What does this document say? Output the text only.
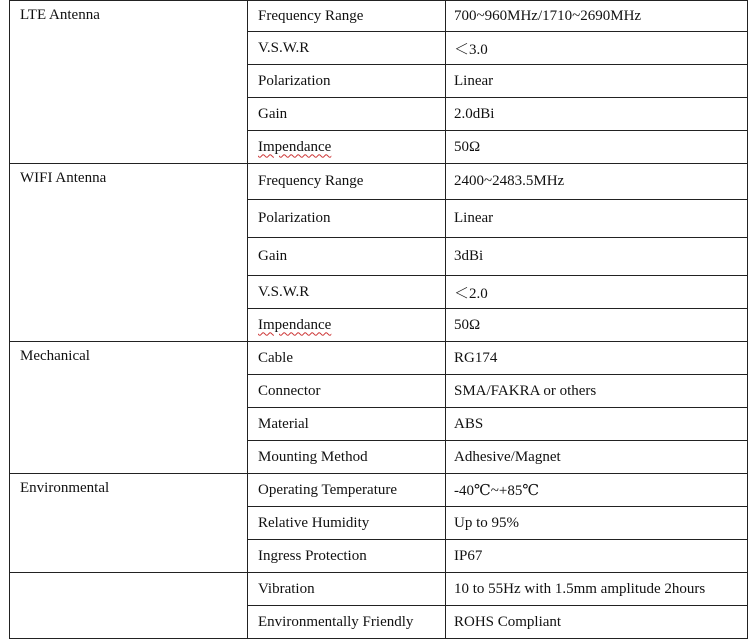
LTE Antenna	Frequency Range	700~960MHz/1710~2690MHz
	V.S.W.R	＜3.0
	Polarization	Linear
	Gain	2.0dBi
	Impendance	50Ω
WIFI Antenna	Frequency Range	2400~2483.5MHz
	Polarization	Linear
	Gain	3dBi
	V.S.W.R	＜2.0
	Impendance	50Ω
Mechanical	Cable	RG174
	Connector	SMA/FAKRA or others
	Material	ABS
	Mounting Method	Adhesive/Magnet
Environmental	Operating Temperature	-40℃~+85℃
	Relative Humidity	Up to 95%
	Ingress Protection	IP67
	Vibration	10 to 55Hz with 1.5mm amplitude 2hours
	Environmentally Friendly	ROHS Compliant
